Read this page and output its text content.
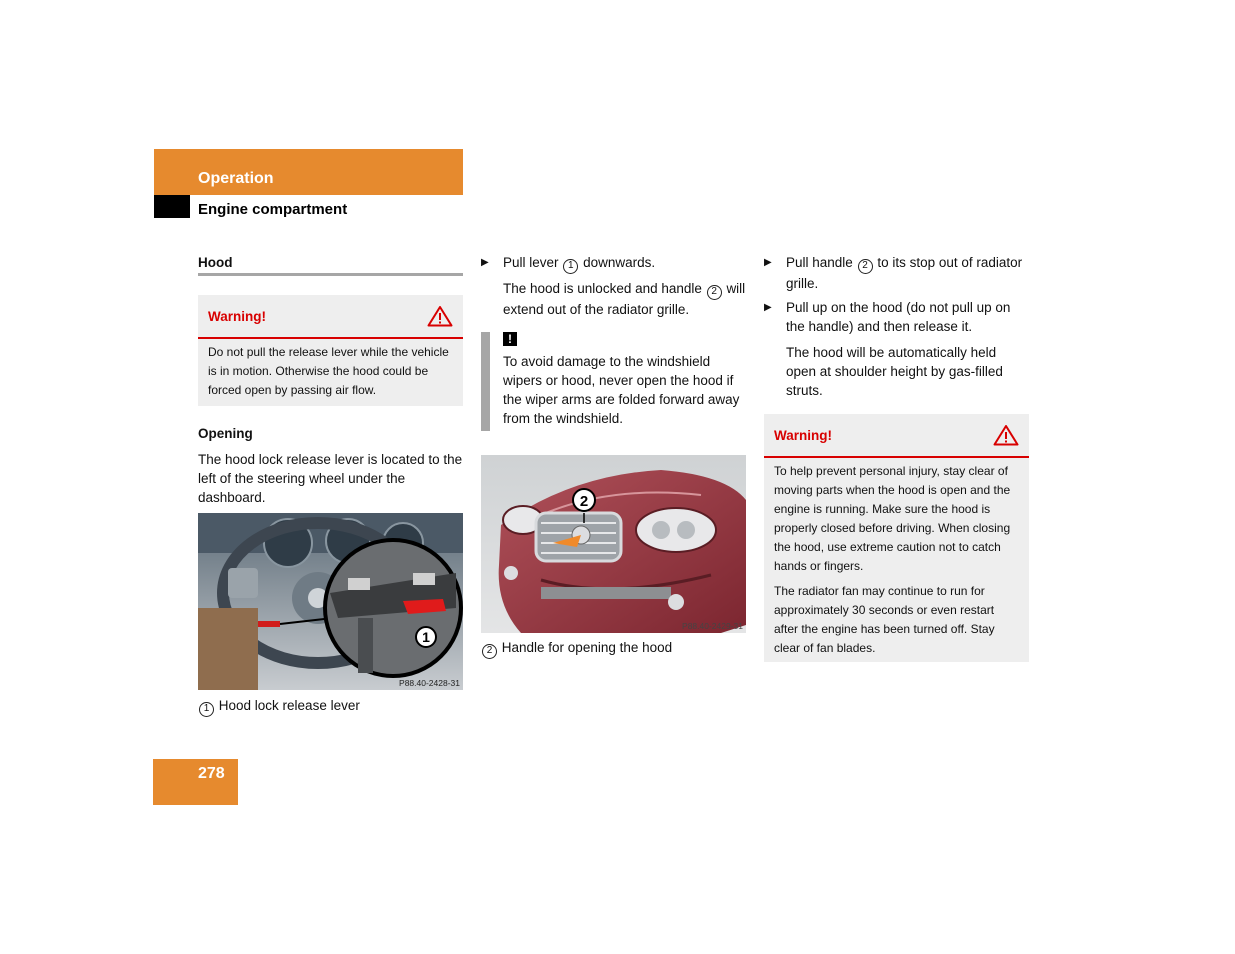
Operation
Engine compartment
Hood
Warning!

Do not pull the release lever while the vehicle is in motion. Otherwise the hood could be forced open by passing air flow.

Opening
The hood lock release lever is located to the left of the steering wheel under the dashboard.
1
P88.40-2428-31
1 Hood lock release lever
▶	Pull lever 1 downwards.
The hood is unlocked and handle 2 will extend out of the radiator grille.
!
To avoid damage to the windshield wipers or hood, never open the hood if the wiper arms are folded forward away from the windshield.
2
P88.40-2429-31
2 Handle for opening the hood
▶	Pull handle 2 to its stop out of radiator grille.
▶	Pull up on the hood (do not pull up on the handle) and then release it.
The hood will be automatically held open at shoulder height by gas-filled struts.
Warning!

To help prevent personal injury, stay clear of moving parts when the hood is open and the engine is running. Make sure the hood is properly closed before driving. When closing the hood, use extreme caution not to catch hands or fingers.

The radiator fan may continue to run for approximately 30 seconds or even restart after the engine has been turned off. Stay clear of fan blades.

278
